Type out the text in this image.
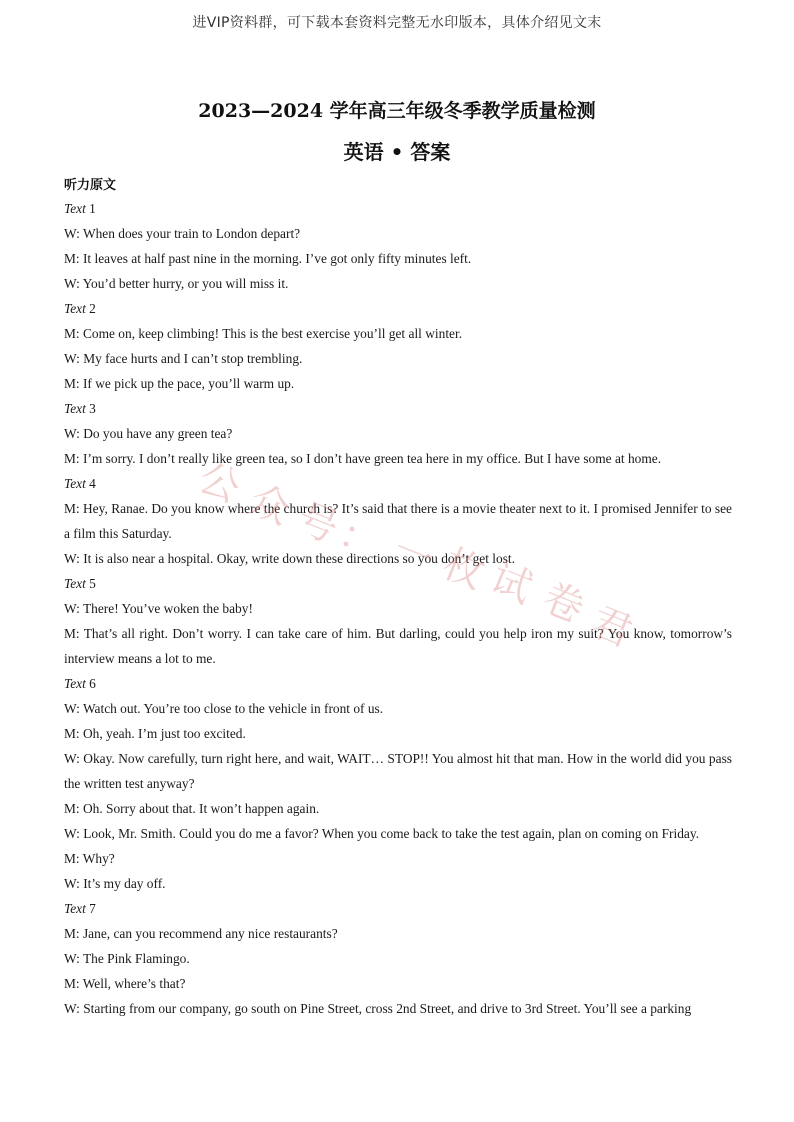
进VIP资料群，可下载本套资料完整无水印版本，具体介绍见文末
2023—2024 学年高三年级冬季教学质量检测
英语 • 答案
听力原文
Text 1
W: When does your train to London depart?
M: It leaves at half past nine in the morning. I’ve got only fifty minutes left.
W: You’d better hurry, or you will miss it.
Text 2
M: Come on, keep climbing! This is the best exercise you’ll get all winter.
W: My face hurts and I can’t stop trembling.
M: If we pick up the pace, you’ll warm up.
Text 3
W: Do you have any green tea?
M: I’m sorry. I don’t really like green tea, so I don’t have green tea here in my office. But I have some at home.
Text 4
M: Hey, Ranae. Do you know where the church is? It’s said that there is a movie theater next to it. I promised Jennifer to see a film this Saturday.
W: It is also near a hospital. Okay, write down these directions so you don’t get lost.
Text 5
W: There! You’ve woken the baby!
M: That’s all right. Don’t worry. I can take care of him. But darling, could you help iron my suit? You know, tomorrow’s interview means a lot to me.
Text 6
W: Watch out. You’re too close to the vehicle in front of us.
M: Oh, yeah. I’m just too excited.
W: Okay. Now carefully, turn right here, and wait, WAIT… STOP!! You almost hit that man. How in the world did you pass the written test anyway?
M: Oh. Sorry about that. It won’t happen again.
W: Look, Mr. Smith. Could you do me a favor? When you come back to take the test again, plan on coming on Friday.
M: Why?
W: It’s my day off.
Text 7
M: Jane, can you recommend any nice restaurants?
W: The Pink Flamingo.
M: Well, where’s that?
W: Starting from our company, go south on Pine Street, cross 2nd Street, and drive to 3rd Street. You’ll see a parking
公
众
号
： 一
枚
试
卷
君
